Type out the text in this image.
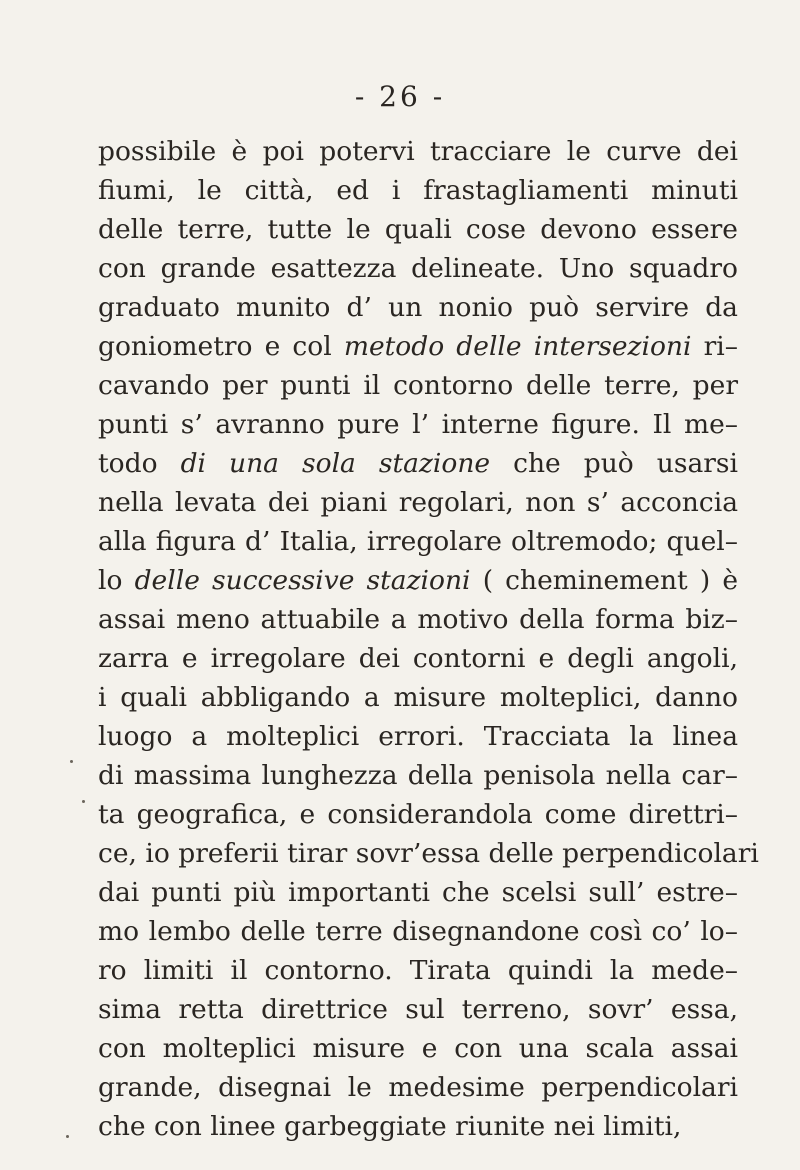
- 26 -
possibile è poi potervi tracciare le curve dei
fiumi, le città, ed i frastagliamenti minuti
delle terre, tutte le quali cose devono essere
con grande esattezza delineate. Uno squadro
graduato munito d’ un nonio può servire da
goniometro e col metodo delle intersezioni ri–
cavando per punti il contorno delle terre, per
punti s’ avranno pure l’ interne figure. Il me–
todo di una sola stazione che può usarsi
nella levata dei piani regolari, non s’ acconcia
alla figura d’ Italia, irregolare oltremodo; quel–
lo delle successive stazioni ( cheminement ) è
assai meno attuabile a motivo della forma biz–
zarra e irregolare dei contorni e degli angoli,
i quali abbligando a misure molteplici, danno
luogo a molteplici errori. Tracciata la linea
di massima lunghezza della penisola nella car–
ta geografica, e considerandola come direttri–
ce, io preferii tirar sovr’essa delle perpendicolari
dai punti più importanti che scelsi sull’ estre–
mo lembo delle terre disegnandone così co’ lo–
ro limiti il contorno. Tirata quindi la mede–
sima retta direttrice sul terreno, sovr’ essa,
con molteplici misure e con una scala assai
grande, disegnai le medesime perpendicolari
che con linee garbeggiate riunite nei limiti,
